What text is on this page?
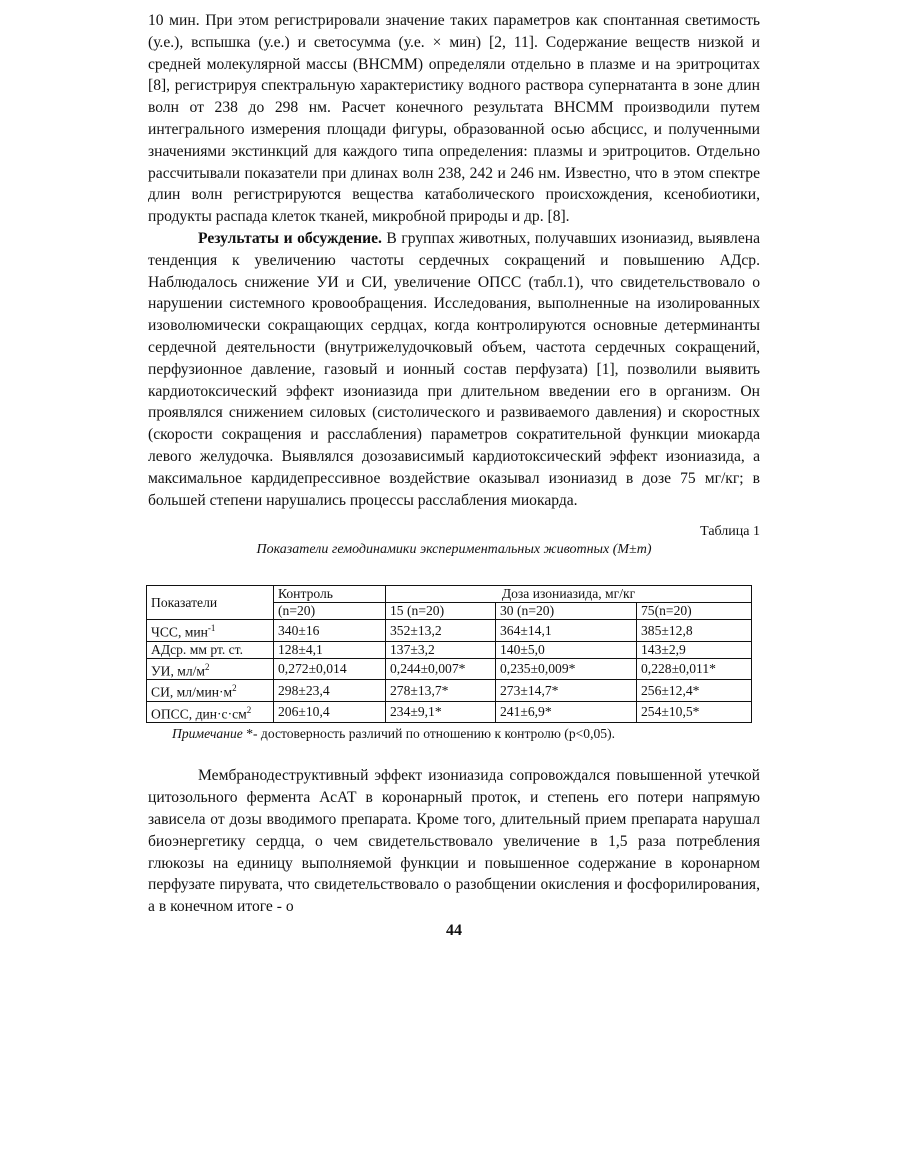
10 мин. При этом регистрировали значение таких параметров как спонтанная светимость (у.е.), вспышка (у.е.) и светосумма (у.е. × мин) [2, 11]. Содержание веществ низкой и средней молекулярной массы (ВНСММ) определяли отдельно в плазме и на эритроцитах [8], регистрируя спектральную характеристику водного раствора супернатанта в зоне длин волн от 238 до 298 нм. Расчет конечного результата ВНСММ производили путем интегрального измерения площади фигуры, образованной осью абсцисс, и полученными значениями экстинкций для каждого типа определения: плазмы и эритроцитов. Отдельно рассчитывали показатели при длинах волн 238, 242 и 246 нм. Известно, что в этом спектре длин волн регистрируются вещества катаболического происхождения, ксенобиотики, продукты распада клеток тканей, микробной природы и др. [8].

Результаты и обсуждение. В группах животных, получавших изониазид, выявлена тенденция к увеличению частоты сердечных сокращений и повышению АДср. Наблюдалось снижение УИ и СИ, увеличение ОПСС (табл.1), что свидетельствовало о нарушении системного кровообращения. Исследования, выполненные на изолированных изоволюмически сокращающих сердцах, когда контролируются основные детерминанты сердечной деятельности (внутрижелудочковый объем, частота сердечных сокращений, перфузионное давление, газовый и ионный состав перфузата) [1], позволили выявить кардиотоксический эффект изониазида при длительном введении его в организм. Он проявлялся снижением силовых (систолического и развиваемого давления) и скоростных (скорости сокращения и расслабления) параметров сократительной функции миокарда левого желудочка. Выявлялся дозозависимый кардиотоксический эффект изониазида, а максимальное кардидепрессивное воздействие оказывал изониазид в дозе 75 мг/кг; в большей степени нарушались процессы расслабления миокарда.

Таблица 1
Показатели гемодинамики экспериментальных животных (M±m)
Показатели	Контроль	Доза изониазида, мг/кг		
	(n=20)	15 (n=20)	30 (n=20)	75(n=20)
ЧСС, мин$^{-1}$	340±16	352±13,2	364±14,1	385±12,8
АДср. мм рт. ст.	128±4,1	137±3,2	140±5,0	143±2,9
УИ, $мл/м^2$	0,272±0,014	0,244±0,007*	0,235±0,009*	0,228±0,011*
СИ, $мл/мин\cdot м^2$	298±23,4	278±13,7*	273±14,7*	256±12,4*
ОПСС, $дин\cdot с\cdot см^2$	206±10,4	234±9,1*	241±6,9*	254±10,5*
Примечание *- достоверность различий по отношению к контролю (р<0,05).

Мембранодеструктивный эффект изониазида сопровождался повышенной утечкой цитозольного фермента АсАТ в коронарный проток, и степень его потери напрямую зависела от дозы вводимого препарата. Кроме того, длительный прием препарата нарушал биоэнергетику сердца, о чем свидетельствовало увеличение в 1,5 раза потребления глюкозы на единицу выполняемой функции и повышенное содержание в коронарном перфузате пирувата, что свидетельствовало о разобщении окисления и фосфорилирования, а в конечном итоге - о

44
